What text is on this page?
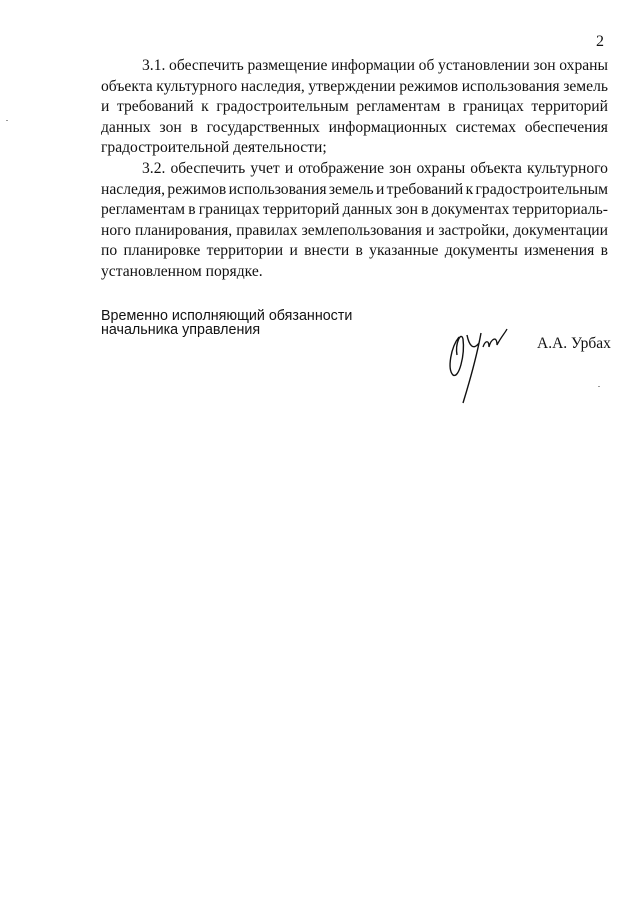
2
3.1. обеспечить размещение информации об установлении зон охраны
объекта культурного наследия, утверждении режимов использования земель
и требований к градостроительным регламентам в границах территорий
данных зон в государственных информационных системах обеспечения
градостроительной деятельности;
3.2. обеспечить учет и отображение зон охраны объекта культурного
наследия, режимов использования земель и требований к градостроительным
регламентам в границах территорий данных зон в документах территориаль-
ного планирования, правилах землепользования и застройки, документации
по планировке территории и внести в указанные документы изменения в
установленном порядке.
Временно исполняющий обязанности
начальника управления
А.А. Урбах
